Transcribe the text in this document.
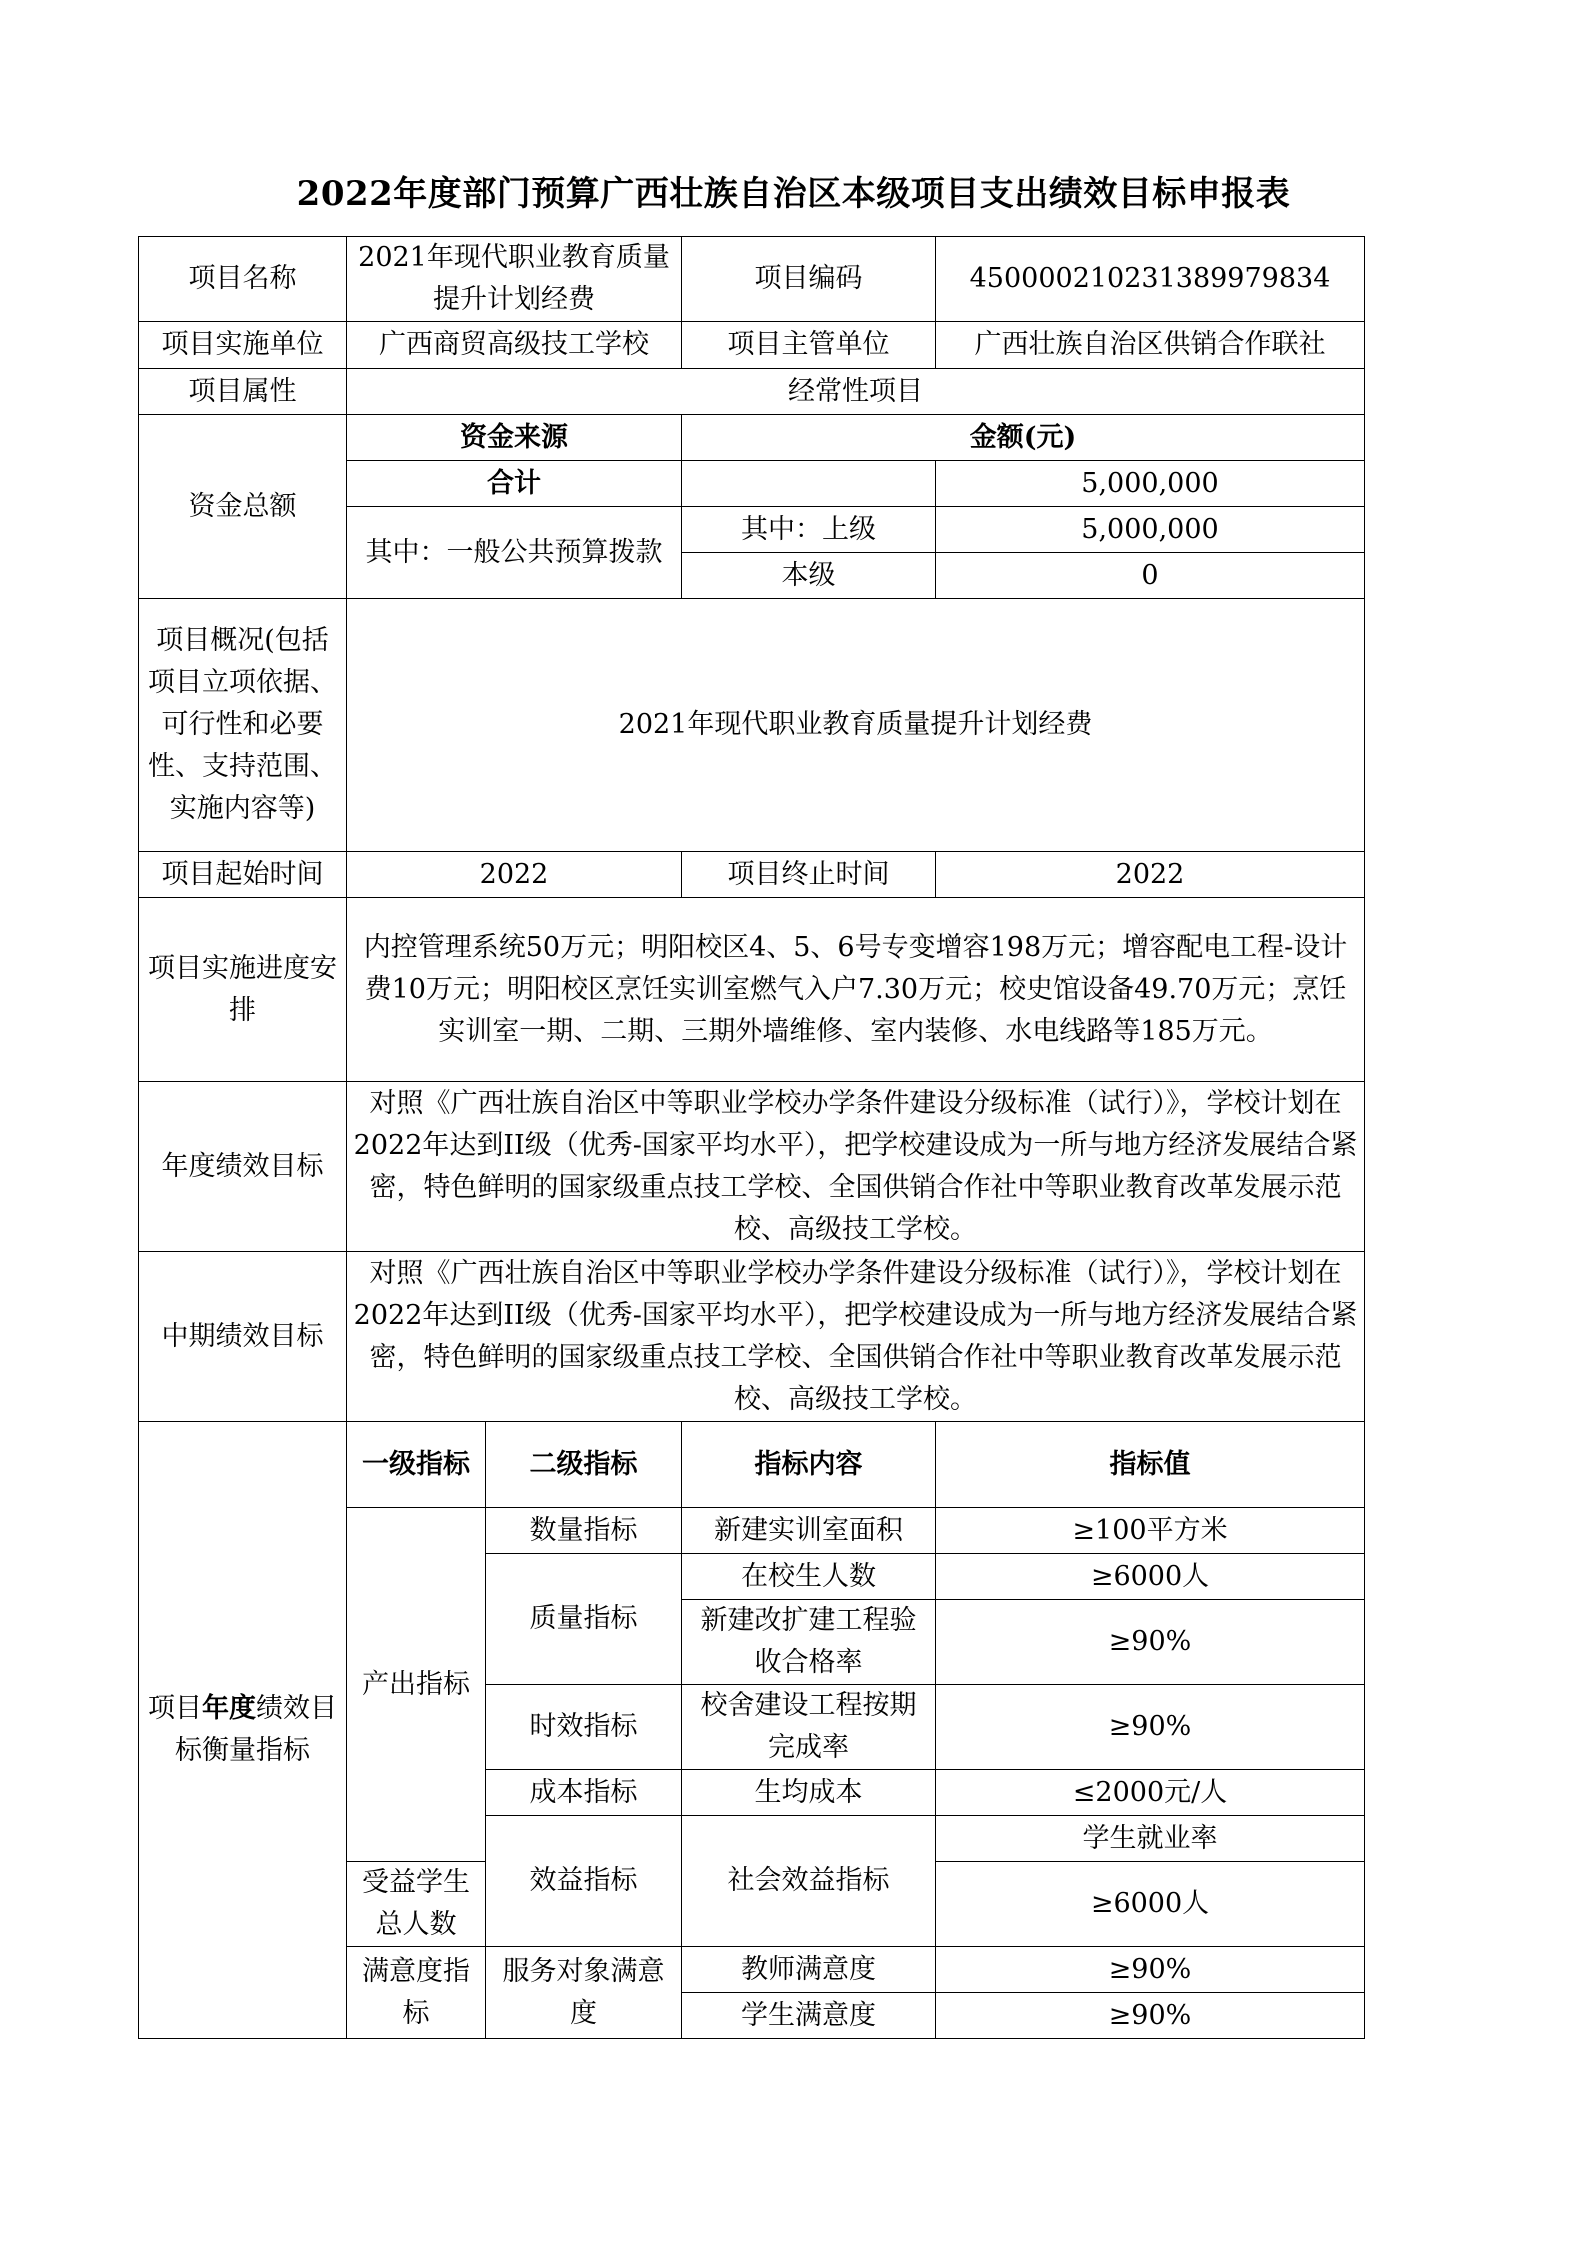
2022年度部门预算广西壮族自治区本级项目支出绩效目标申报表
项目名称	2021年现代职业教育质量提升计划经费		项目编码	450000210231389979834	
项目实施单位	广西商贸高级技工学校		项目主管单位	广西壮族自治区供销合作联社	
项目属性	经常性项目				
资金总额	资金来源		金额(元)		
	合计			5,000,000	
	其中：一般公共预算拨款		其中：上级	5,000,000	
			本级	0	
项目概况(包括项目立项依据、可行性和必要性、支持范围、实施内容等)	2021年现代职业教育质量提升计划经费				
项目起始时间	2022		项目终止时间	2022	
项目实施进度安排	内控管理系统50万元；明阳校区4、5、6号专变增容198万元；增容配电工程-设计费10万元；明阳校区烹饪实训室燃气入户7.30万元；校史馆设备49.70万元；烹饪实训室一期、二期、三期外墙维修、室内装修、水电线路等185万元。				
年度绩效目标	对照《广西壮族自治区中等职业学校办学条件建设分级标准（试行）》，学校计划在2022年达到II级（优秀-国家平均水平），把学校建设成为一所与地方经济发展结合紧密，特色鲜明的国家级重点技工学校、全国供销合作社中等职业教育改革发展示范校、高级技工学校。				
中期绩效目标	对照《广西壮族自治区中等职业学校办学条件建设分级标准（试行）》，学校计划在2022年达到II级（优秀-国家平均水平），把学校建设成为一所与地方经济发展结合紧密，特色鲜明的国家级重点技工学校、全国供销合作社中等职业教育改革发展示范校、高级技工学校。				
项目年度绩效目标衡量指标	一级指标	二级指标	指标内容	指标值	
	产出指标	数量指标	新建实训室面积	≥100平方米	
		质量指标	在校生人数	≥6000人	
			新建改扩建工程验收合格率	≥90%	
		时效指标	校舍建设工程按期完成率	≥90%	
		成本指标	生均成本	≤2000元/人	
		效益指标	社会效益指标	学生就业率	
	受益学生总人数			≥6000人	
	满意度指标	服务对象满意度	教师满意度	≥90%	
			学生满意度	≥90%	
